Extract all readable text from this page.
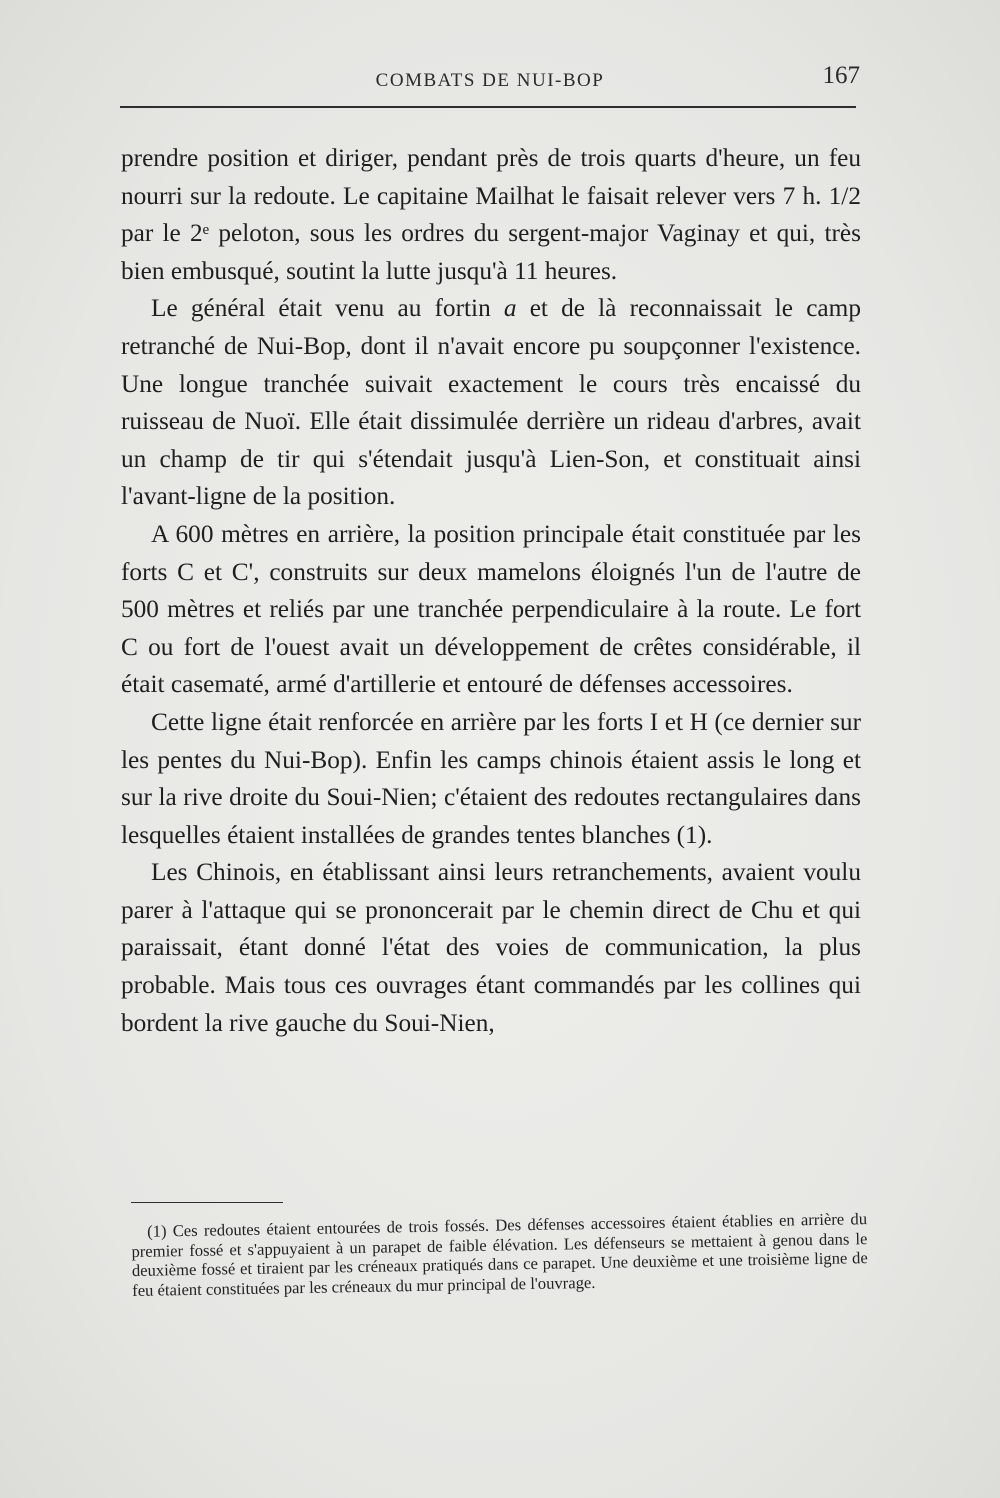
COMBATS DE NUI-BOP	167

prendre position et diriger, pendant près de trois quarts d'heure, un feu nourri sur la redoute. Le capitaine Mailhat le faisait relever vers 7 h. 1/2 par le 2ᵉ peloton, sous les ordres du sergent-major Vaginay et qui, très bien embusqué, soutint la lutte jusqu'à 11 heures.

Le général était venu au fortin a et de là reconnaissait le camp retranché de Nui-Bop, dont il n'avait encore pu soupçonner l'existence. Une longue tranchée suivait exactement le cours très encaissé du ruisseau de Nuoï. Elle était dissimulée derrière un rideau d'arbres, avait un champ de tir qui s'étendait jusqu'à Lien-Son, et constituait ainsi l'avant-ligne de la position.

A 600 mètres en arrière, la position principale était constituée par les forts C et C', construits sur deux mamelons éloignés l'un de l'autre de 500 mètres et reliés par une tranchée perpendiculaire à la route. Le fort C ou fort de l'ouest avait un développement de crêtes considérable, il était casematé, armé d'artillerie et entouré de défenses accessoires.

Cette ligne était renforcée en arrière par les forts I et H (ce dernier sur les pentes du Nui-Bop). Enfin les camps chinois étaient assis le long et sur la rive droite du Soui-Nien; c'étaient des redoutes rectangulaires dans lesquelles étaient installées de grandes tentes blanches (1).

Les Chinois, en établissant ainsi leurs retranchements, avaient voulu parer à l'attaque qui se prononcerait par le chemin direct de Chu et qui paraissait, étant donné l'état des voies de communication, la plus probable. Mais tous ces ouvrages étant commandés par les collines qui bordent la rive gauche du Soui-Nien,

(1) Ces redoutes étaient entourées de trois fossés. Des défenses accessoires étaient établies en arrière du premier fossé et s'appuyaient à un parapet de faible élévation. Les défenseurs se mettaient à genou dans le deuxième fossé et tiraient par les créneaux pratiqués dans ce parapet. Une deuxième et une troisième ligne de feu étaient constituées par les créneaux du mur principal de l'ouvrage.
